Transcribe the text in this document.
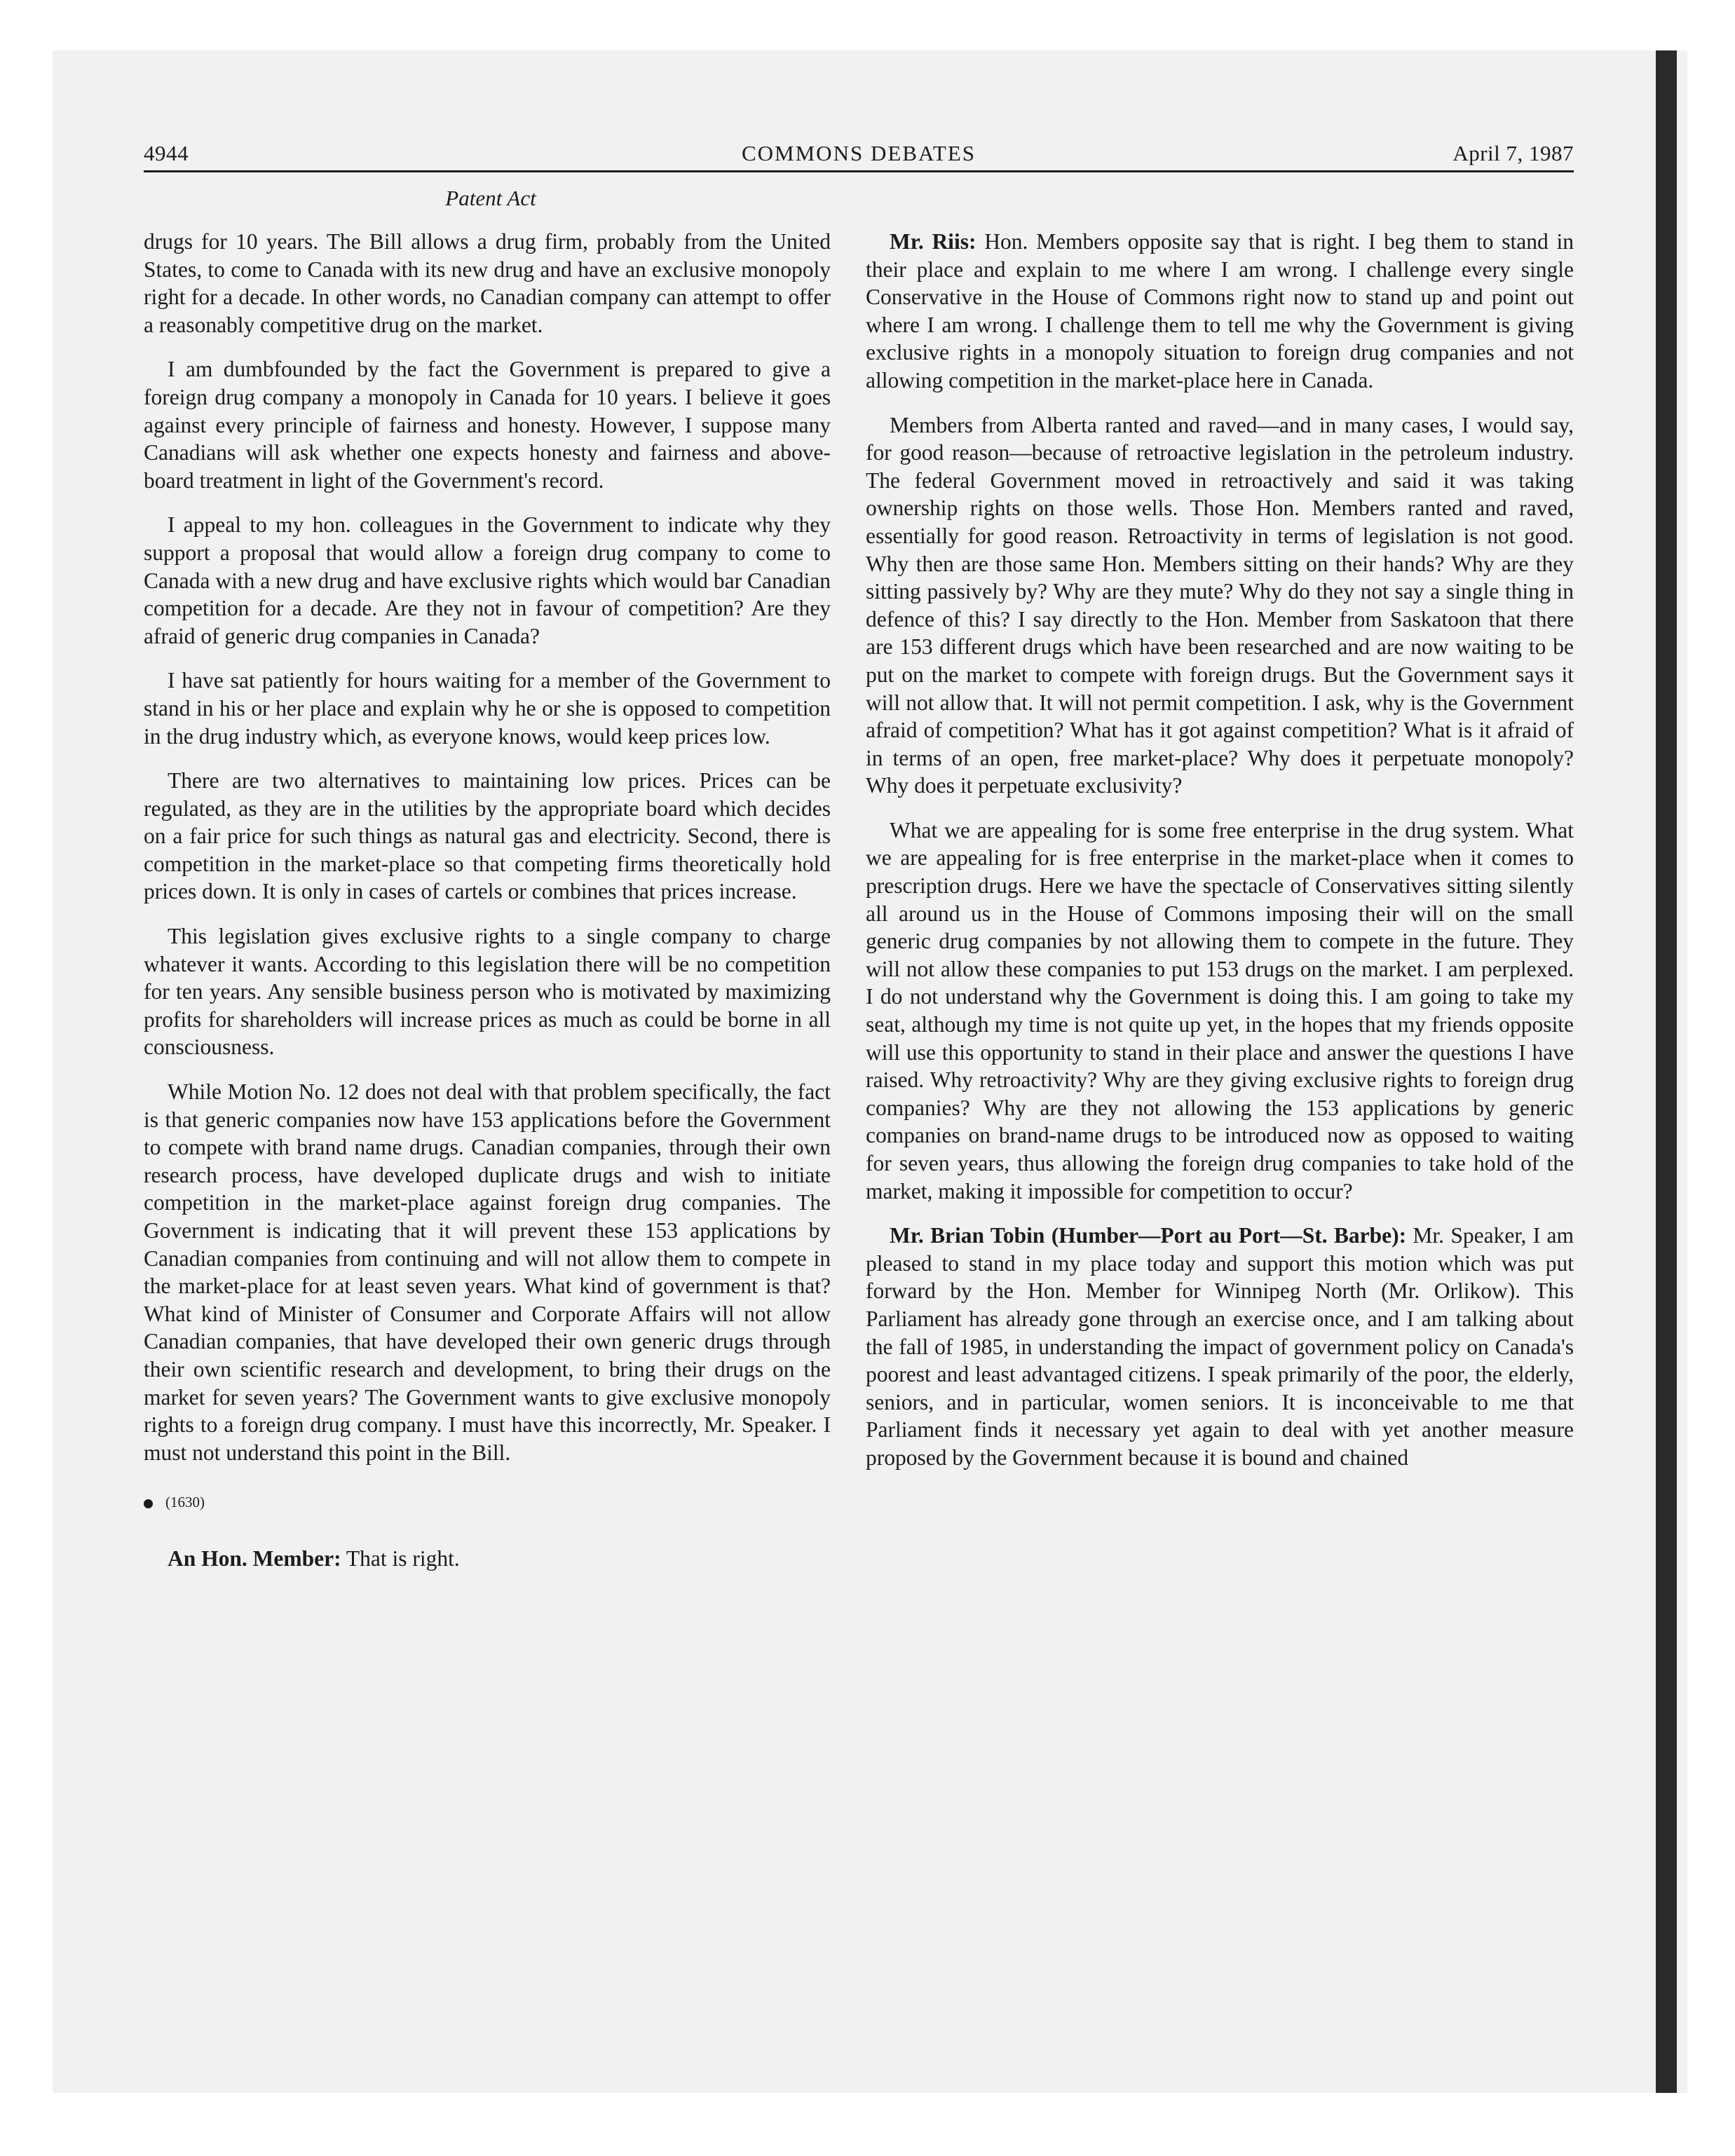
4944	COMMONS DEBATES	April 7, 1987
Patent Act

drugs for 10 years. The Bill allows a drug firm, probably from the United States, to come to Canada with its new drug and have an exclusive monopoly right for a decade. In other words, no Canadian company can attempt to offer a reasonably competitive drug on the market.

I am dumbfounded by the fact the Government is prepared to give a foreign drug company a monopoly in Canada for 10 years. I believe it goes against every principle of fairness and honesty. However, I suppose many Canadians will ask whether one expects honesty and fairness and above-board treatment in light of the Government's record.

I appeal to my hon. colleagues in the Government to indicate why they support a proposal that would allow a foreign drug company to come to Canada with a new drug and have exclusive rights which would bar Canadian competition for a decade. Are they not in favour of competition? Are they afraid of generic drug companies in Canada?

I have sat patiently for hours waiting for a member of the Government to stand in his or her place and explain why he or she is opposed to competition in the drug industry which, as everyone knows, would keep prices low.

There are two alternatives to maintaining low prices. Prices can be regulated, as they are in the utilities by the appropriate board which decides on a fair price for such things as natural gas and electricity. Second, there is competition in the market-place so that competing firms theoretically hold prices down. It is only in cases of cartels or combines that prices increase.

This legislation gives exclusive rights to a single company to charge whatever it wants. According to this legislation there will be no competition for ten years. Any sensible business person who is motivated by maximizing profits for shareholders will increase prices as much as could be borne in all consciousness.

While Motion No. 12 does not deal with that problem specifically, the fact is that generic companies now have 153 applications before the Government to compete with brand name drugs. Canadian companies, through their own research process, have developed duplicate drugs and wish to initiate competition in the market-place against foreign drug companies. The Government is indicating that it will prevent these 153 applications by Canadian companies from continuing and will not allow them to compete in the market-place for at least seven years. What kind of government is that? What kind of Minister of Consumer and Corporate Affairs will not allow Canadian companies, that have developed their own generic drugs through their own scientific research and development, to bring their drugs on the market for seven years? The Government wants to give exclusive monopoly rights to a foreign drug company. I must have this incorrectly, Mr. Speaker. I must not understand this point in the Bill.

(1630)

An Hon. Member: That is right.

Mr. Riis: Hon. Members opposite say that is right. I beg them to stand in their place and explain to me where I am wrong. I challenge every single Conservative in the House of Commons right now to stand up and point out where I am wrong. I challenge them to tell me why the Government is giving exclusive rights in a monopoly situation to foreign drug companies and not allowing competition in the market-place here in Canada.

Members from Alberta ranted and raved—and in many cases, I would say, for good reason—because of retroactive legislation in the petroleum industry. The federal Government moved in retroactively and said it was taking ownership rights on those wells. Those Hon. Members ranted and raved, essentially for good reason. Retroactivity in terms of legislation is not good. Why then are those same Hon. Members sitting on their hands? Why are they sitting passively by? Why are they mute? Why do they not say a single thing in defence of this? I say directly to the Hon. Member from Saskatoon that there are 153 different drugs which have been researched and are now waiting to be put on the market to compete with foreign drugs. But the Government says it will not allow that. It will not permit competition. I ask, why is the Government afraid of competition? What has it got against competition? What is it afraid of in terms of an open, free market-place? Why does it perpetuate monopoly? Why does it perpetuate exclusivity?

What we are appealing for is some free enterprise in the drug system. What we are appealing for is free enterprise in the market-place when it comes to prescription drugs. Here we have the spectacle of Conservatives sitting silently all around us in the House of Commons imposing their will on the small generic drug companies by not allowing them to compete in the future. They will not allow these companies to put 153 drugs on the market. I am perplexed. I do not understand why the Government is doing this. I am going to take my seat, although my time is not quite up yet, in the hopes that my friends opposite will use this opportunity to stand in their place and answer the questions I have raised. Why retroactivity? Why are they giving exclusive rights to foreign drug companies? Why are they not allowing the 153 applications by generic companies on brand-name drugs to be introduced now as opposed to waiting for seven years, thus allowing the foreign drug companies to take hold of the market, making it impossible for competition to occur?

Mr. Brian Tobin (Humber—Port au Port—St. Barbe): Mr. Speaker, I am pleased to stand in my place today and support this motion which was put forward by the Hon. Member for Winnipeg North (Mr. Orlikow). This Parliament has already gone through an exercise once, and I am talking about the fall of 1985, in understanding the impact of government policy on Canada's poorest and least advantaged citizens. I speak primarily of the poor, the elderly, seniors, and in particular, women seniors. It is inconceivable to me that Parliament finds it necessary yet again to deal with yet another measure proposed by the Government because it is bound and chained
